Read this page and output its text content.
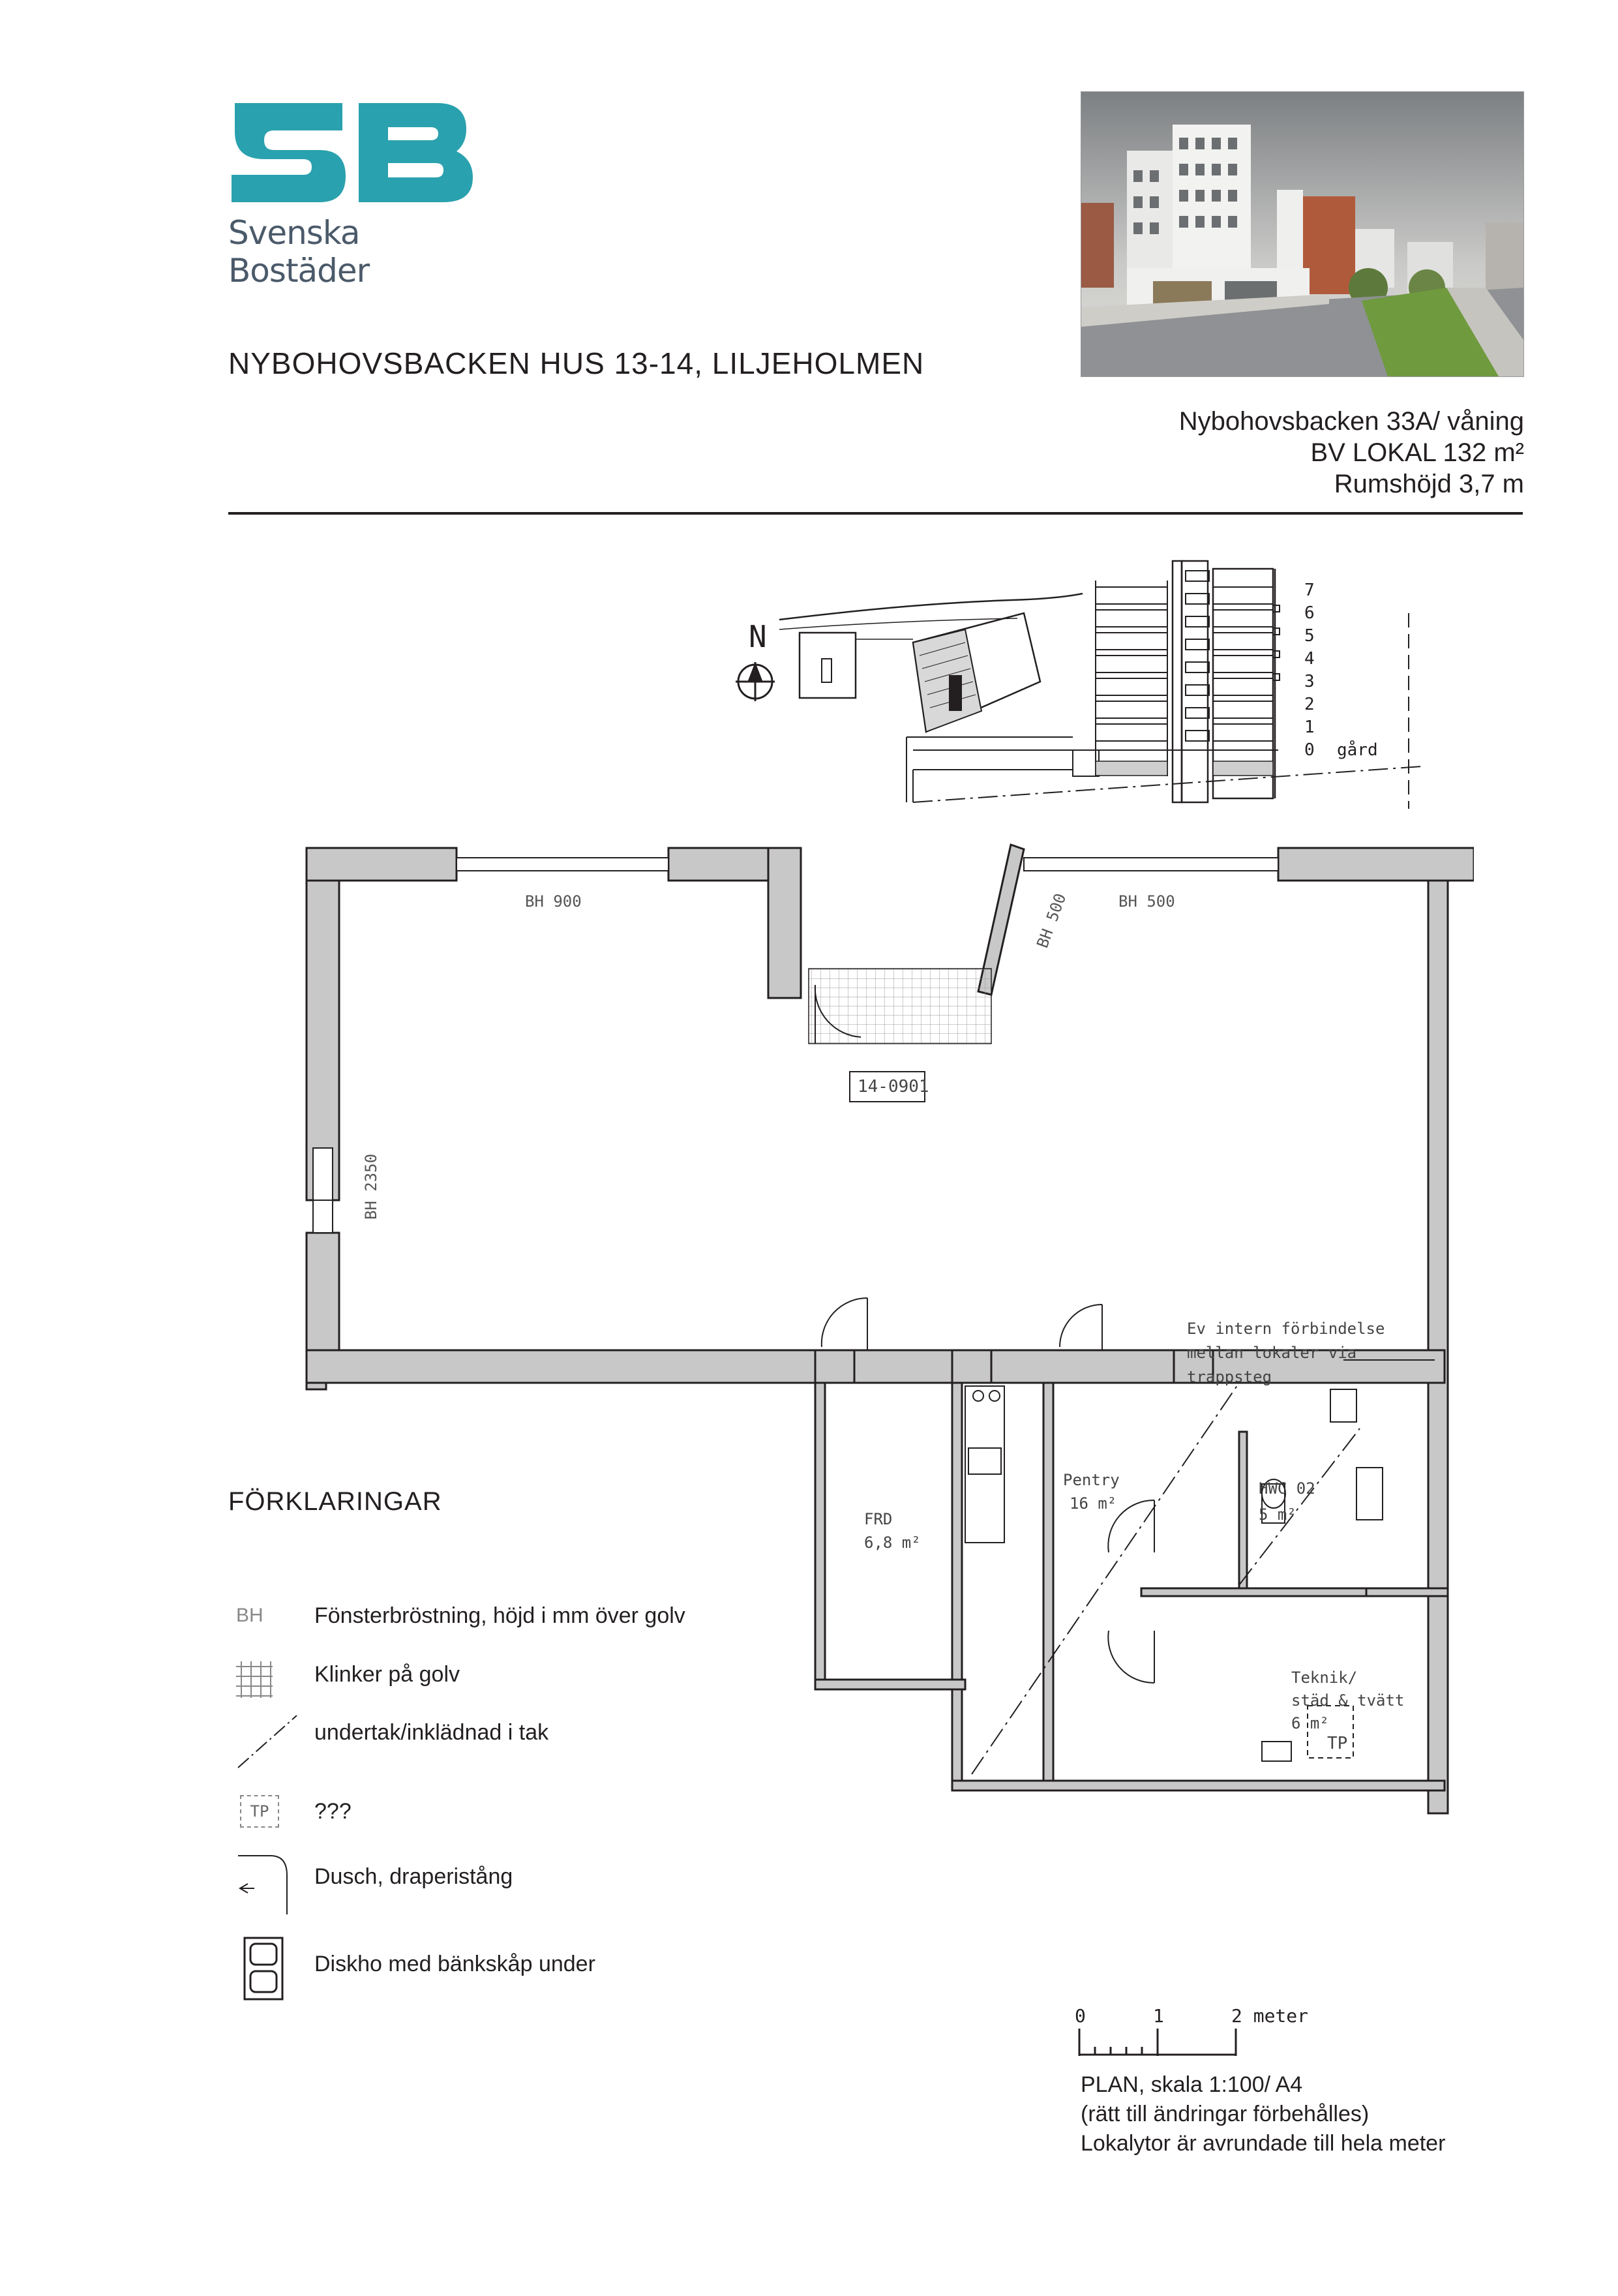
Svenska Bostäder
NYBOHOVSBACKEN HUS 13-14, LILJEHOLMEN
Nybohovsbacken 33A/ våning
BV LOKAL 132 m²
Rumshöjd 3,7 m
N
7
6
5
4
3
2
1
0 gård
BH 900	BH 500
BH 500
BH 2350
14-0901
Ev intern förbindelse
mellan lokaler via
trappsteg
FRD
6,8 m²
Pentry
16 m²
HWC 02
5 m²
Teknik/
städ & tvätt
6 m²
TP
FÖRKLARINGAR
BH Fönsterbröstning, höjd i mm över golv
Klinker på golv
undertak/inklädnad i tak
TP	???
Dusch, draperistång
Diskho med bänkskåp under
0	1	2 meter
PLAN, skala 1:100/ A4
(rätt till ändringar förbehålles)
Lokalytor är avrundade till hela meter
